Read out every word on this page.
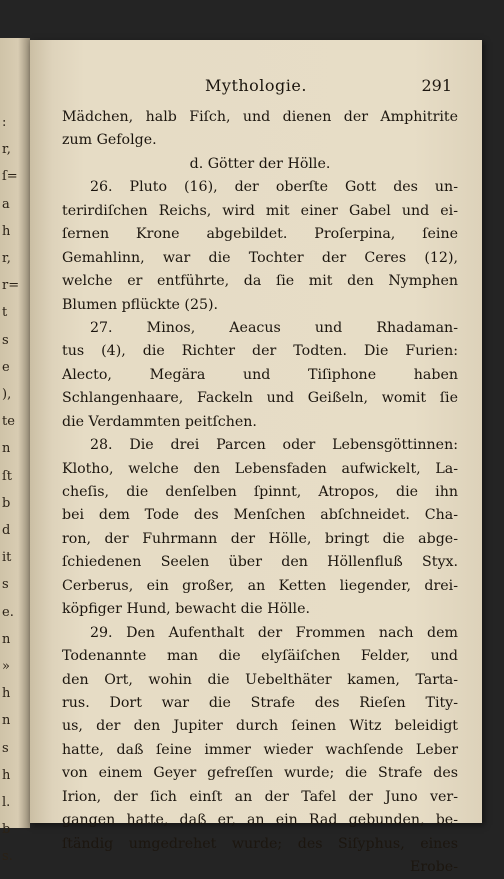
:
r,
ſ=
a
h
r,
r=
t
s
e
),
te
n
ſt
b
d
it
s
e.
n
»
h
n
s
h
l.
b
s.
Mythologie.	291
Mädchen, halb Fiſch, und dienen der Amphitrite
zum Gefolge.
d. Götter der Hölle.
26. Pluto (16), der oberſte Gott des un-
terirdiſchen Reichs, wird mit einer Gabel und ei-
ſernen Krone abgebildet. Proſerpina, ſeine
Gemahlinn, war die Tochter der Ceres (12),
welche er entführte, da ſie mit den Nymphen
Blumen pflückte (25).
27. Minos, Aeacus und Rhadaman-
tus (4), die Richter der Todten. Die Furien:
Alecto, Megära und Tiſiphone haben
Schlangenhaare, Fackeln und Geißeln, womit ſie
die Verdammten peitſchen.
28. Die drei Parcen oder Lebensgöttinnen:
Klotho, welche den Lebensfaden aufwickelt, La-
cheſis, die denſelben ſpinnt, Atropos, die ihn
bei dem Tode des Menſchen abſchneidet. Cha-
ron, der Fuhrmann der Hölle, bringt die abge-
ſchiedenen Seelen über den Höllenfluß Styx.
Cerberus, ein großer, an Ketten liegender, drei-
köpfiger Hund, bewacht die Hölle.
29. Den Aufenthalt der Frommen nach dem
Todenannte man die elyſäiſchen Felder, und
den Ort, wohin die Uebelthäter kamen, Tarta-
rus. Dort war die Strafe des Rieſen Tity-
us, der den Jupiter durch ſeinen Witz beleidigt
hatte, daß ſeine immer wieder wachſende Leber
von einem Geyer gefreſſen wurde; die Strafe des
Irion, der ſich einſt an der Tafel der Juno ver-
gangen hatte, daß er, an ein Rad gebunden, be-
ſtändig umgedrehet wurde; des Siſyphus, eines
Erobe-
